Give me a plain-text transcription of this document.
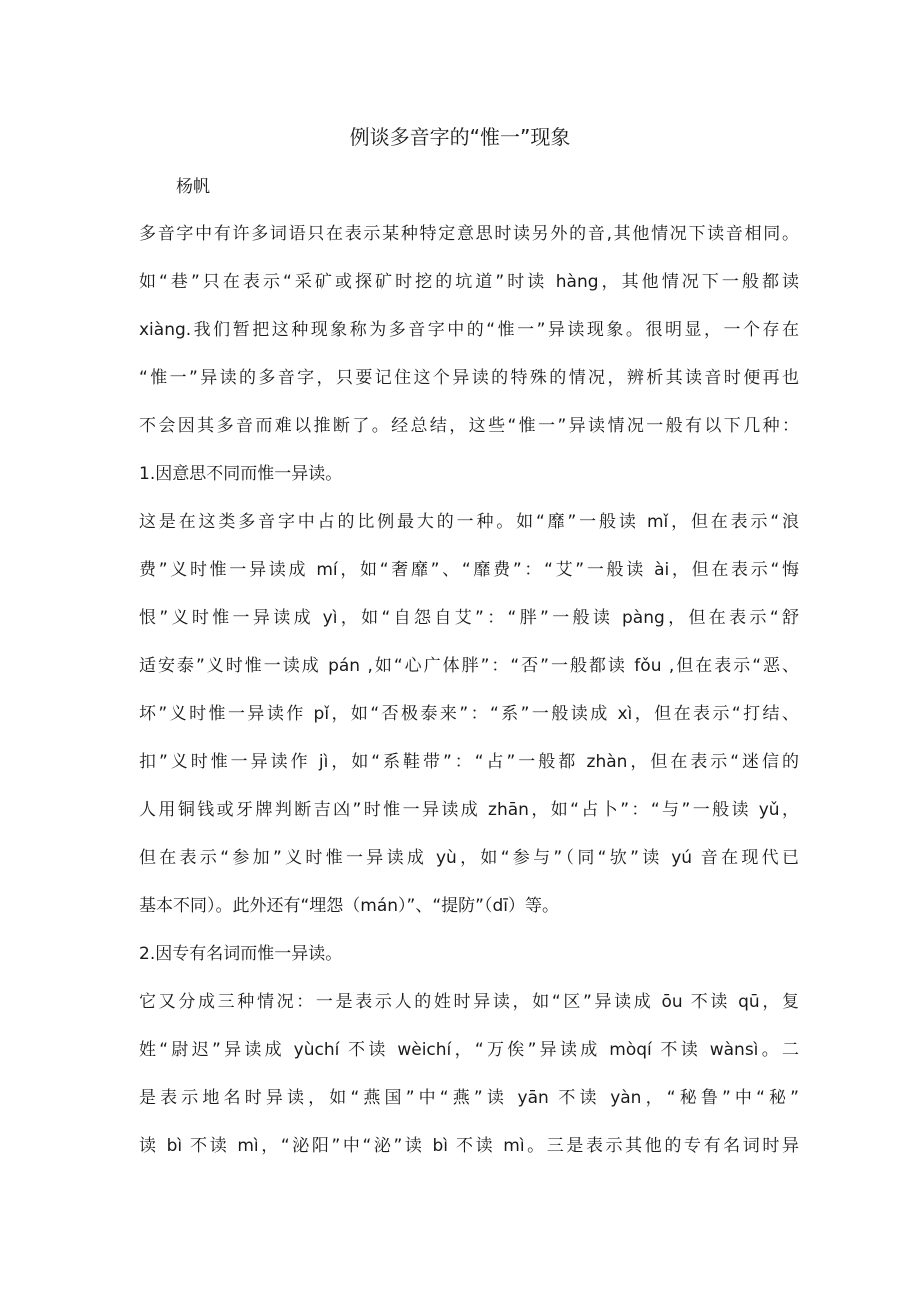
例谈多音字的“惟一”现象
杨帆
多音字中有许多词语只在表示某种特定意思时读另外的音,其他情况下读音相同。
如“巷”只在表示“采矿或探矿时挖的坑道”时读 hàng，其他情况下一般都读
xiàng.我们暂把这种现象称为多音字中的“惟一”异读现象。很明显，一个存在
“惟一”异读的多音字，只要记住这个异读的特殊的情况，辨析其读音时便再也
不会因其多音而难以推断了。经总结，这些“惟一”异读情况一般有以下几种：
1.因意思不同而惟一异读。
这是在这类多音字中占的比例最大的一种。如“靡”一般读 mǐ，但在表示“浪
费”义时惟一异读成 mí，如“奢靡”、“靡费”：“艾”一般读 ài，但在表示“悔
恨”义时惟一异读成 yì，如“自怨自艾”：“胖”一般读 pàng，但在表示“舒
适安泰”义时惟一读成 pán ,如“心广体胖”：“否”一般都读 fǒu ,但在表示“恶、
坏”义时惟一异读作 pǐ，如“否极泰来”：“系”一般读成 xì，但在表示“打结、
扣”义时惟一异读作 jì，如“系鞋带”：“占”一般都 zhàn，但在表示“迷信的
人用铜钱或牙牌判断吉凶”时惟一异读成 zhān，如“占卜”：“与”一般读 yǔ，
但在表示“参加”义时惟一异读成 yù，如“参与”（同“欤”读 yú 音在现代已
基本不同）。此外还有“埋怨（mán）”、“提防”（dī）等。
2.因专有名词而惟一异读。
它又分成三种情况：一是表示人的姓时异读，如“区”异读成 ōu 不读 qū，复
姓“尉迟”异读成 yùchí 不读 wèichí，“万俟”异读成 mòqí 不读 wànsì。二
是表示地名时异读，如“燕国”中“燕”读 yān 不读 yàn，“秘鲁”中“秘”
读 bì 不读 mì，“泌阳”中“泌”读 bì 不读 mì。三是表示其他的专有名词时异
